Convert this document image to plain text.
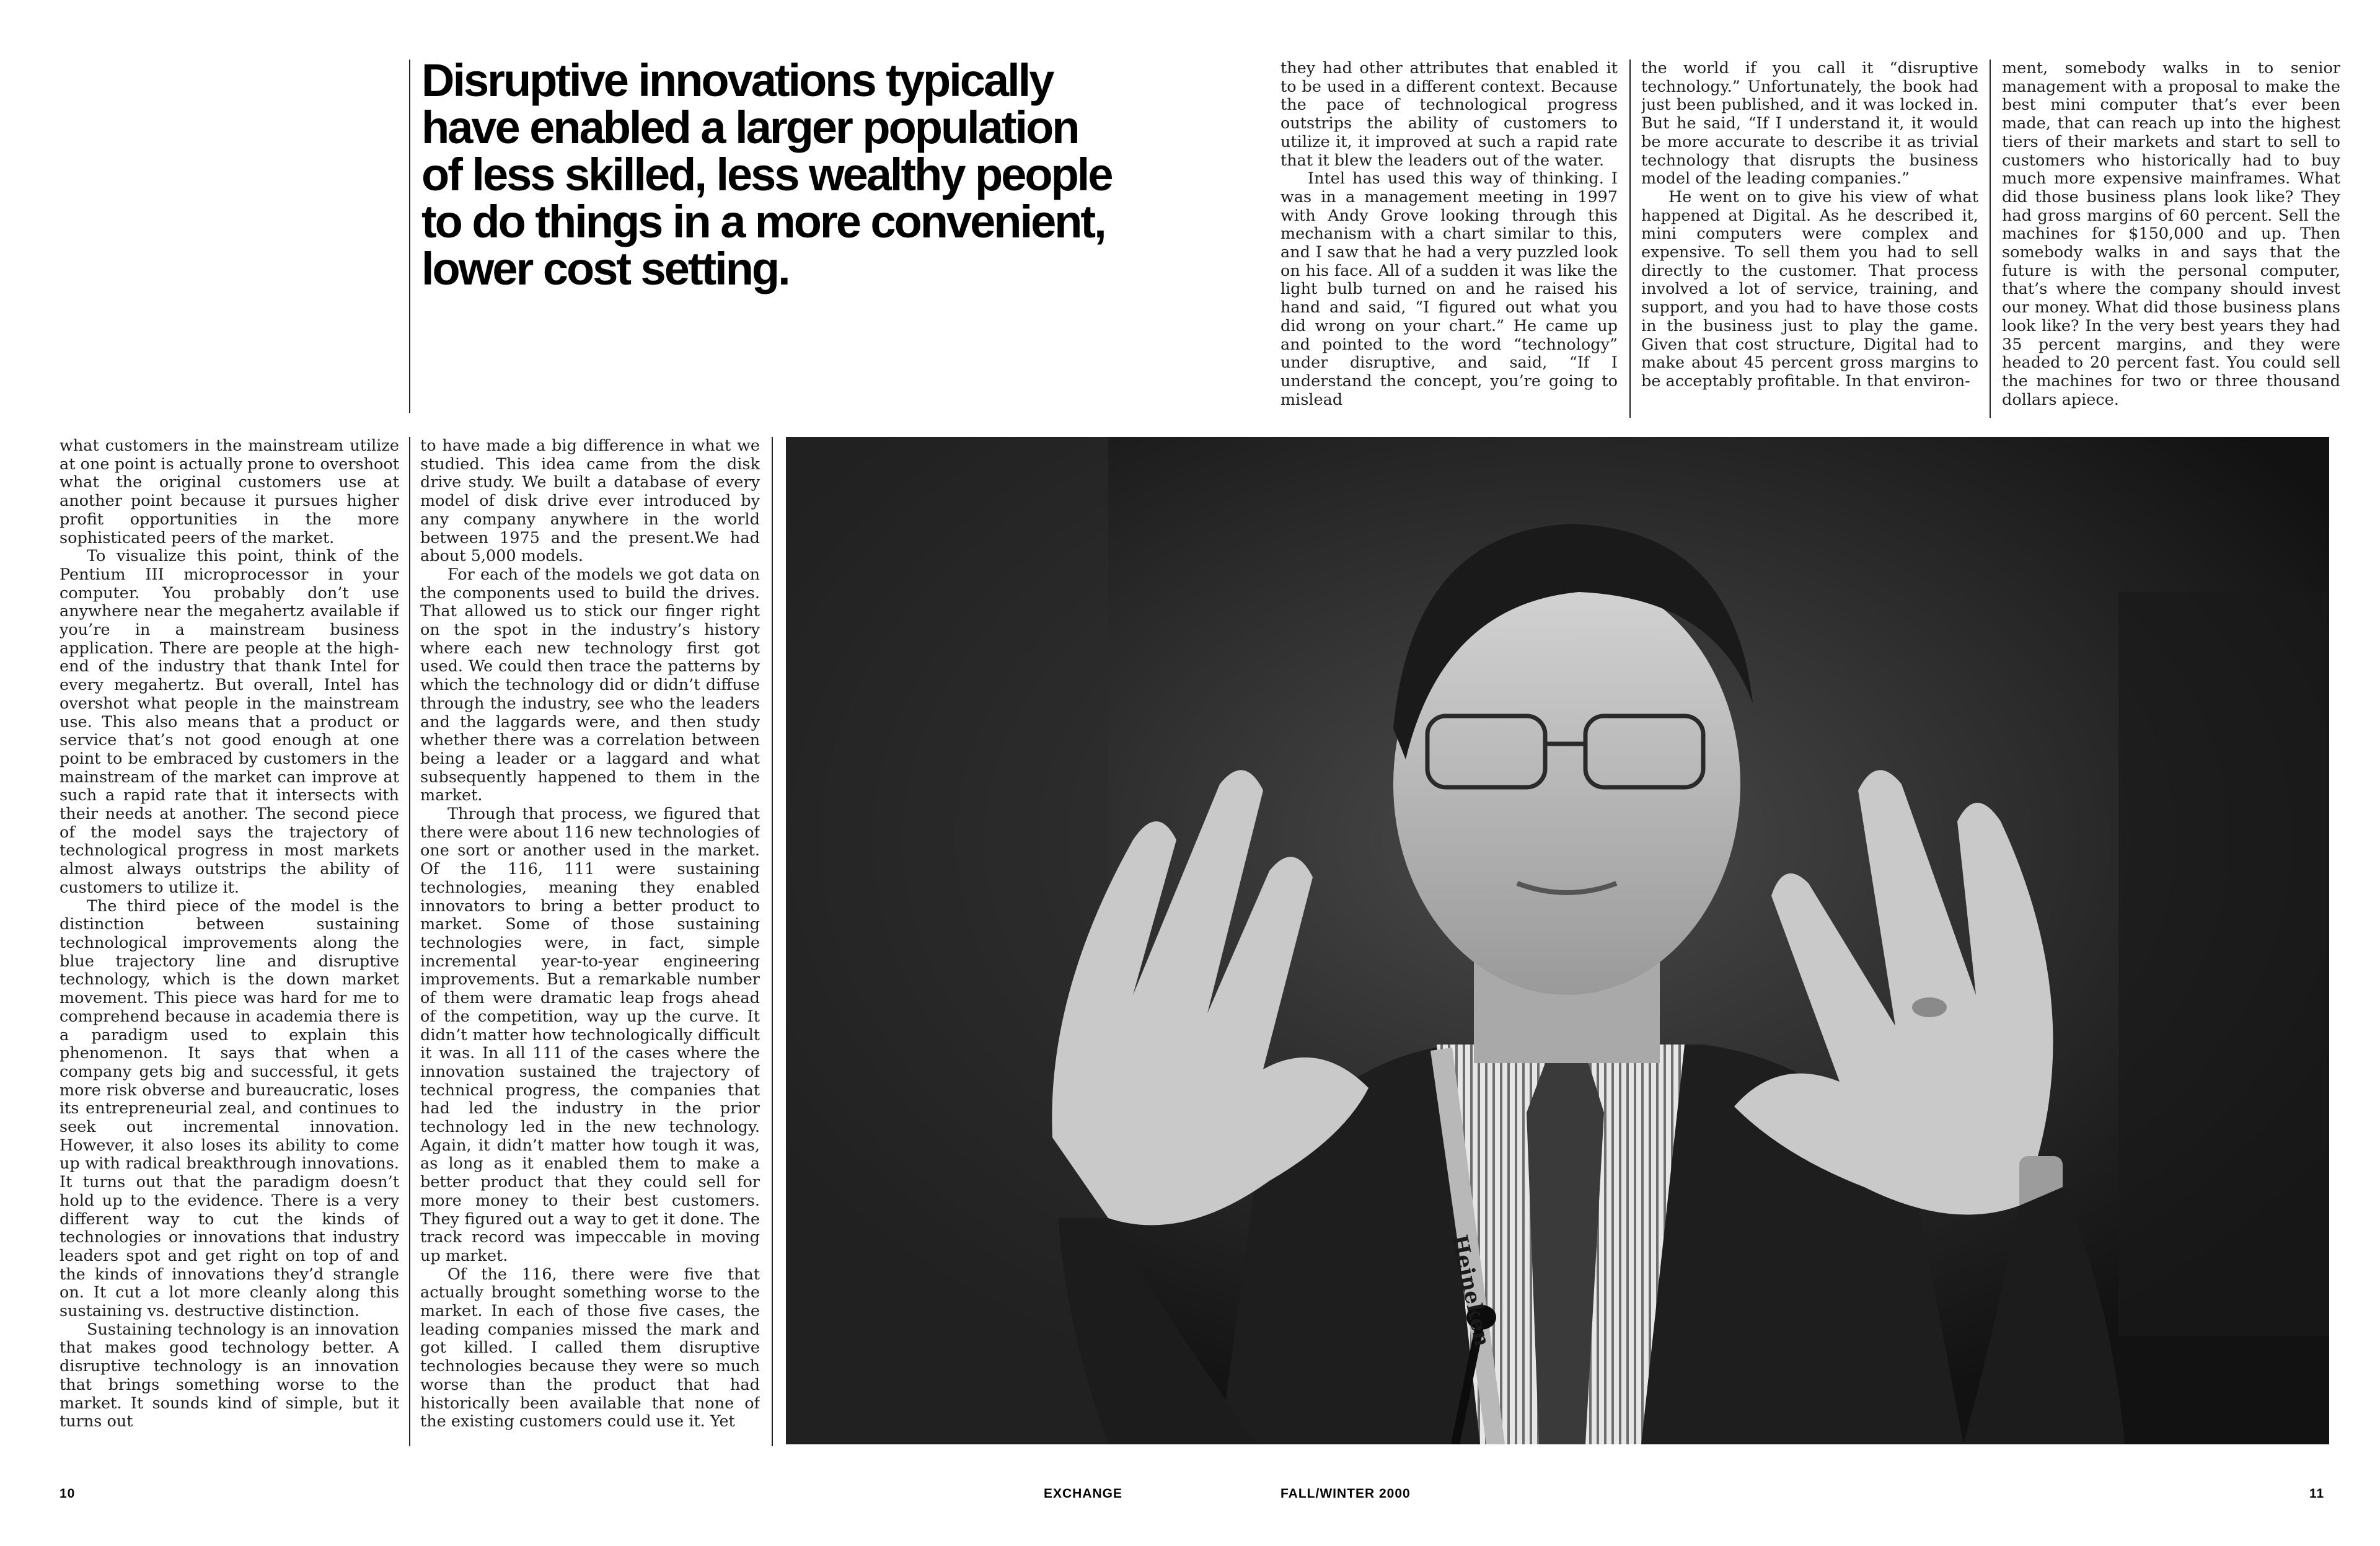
Disruptive innovations typically have enabled a larger population of less skilled, less wealthy people to do things in a more convenient, lower cost setting.

they had other attributes that enabled it to be used in a different context. Because the pace of technological progress outstrips the ability of customers to utilize it, it improved at such a rapid rate that it blew the leaders out of the water.

Intel has used this way of thinking. I was in a management meeting in 1997 with Andy Grove looking through this mechanism with a chart similar to this, and I saw that he had a very puzzled look on his face. All of a sudden it was like the light bulb turned on and he raised his hand and said, “I figured out what you did wrong on your chart.” He came up and pointed to the word “technology” under disruptive, and said, “If I understand the concept, you’re going to mislead

the world if you call it “disruptive technology.” Unfortunately, the book had just been published, and it was locked in. But he said, “If I understand it, it would be more accurate to describe it as trivial technology that disrupts the business model of the leading companies.”

He went on to give his view of what happened at Digital. As he described it, mini computers were complex and expensive. To sell them you had to sell directly to the customer. That process involved a lot of service, training, and support, and you had to have those costs in the business just to play the game. Given that cost structure, Digital had to make about 45 percent gross margins to be acceptably profitable. In that environ-

ment, somebody walks in to senior management with a proposal to make the best mini computer that’s ever been made, that can reach up into the highest tiers of their markets and start to sell to customers who historically had to buy much more expensive mainframes. What did those business plans look like? They had gross margins of 60 percent. Sell the machines for $150,000 and up. Then somebody walks in and says that the future is with the personal computer, that’s where the company should invest our money. What did those business plans look like? In the very best years they had 35 percent margins, and they were headed to 20 percent fast. You could sell the machines for two or three thousand dollars apiece.

what customers in the mainstream utilize at one point is actually prone to overshoot what the original customers use at another point because it pursues higher profit opportunities in the more sophisticated peers of the market.

To visualize this point, think of the Pentium III microprocessor in your computer. You probably don’t use anywhere near the megahertz available if you’re in a mainstream business application. There are people at the high-end of the industry that thank Intel for every megahertz. But overall, Intel has overshot what people in the mainstream use. This also means that a product or service that’s not good enough at one point to be embraced by customers in the mainstream of the market can improve at such a rapid rate that it intersects with their needs at another. The second piece of the model says the trajectory of technological progress in most markets almost always outstrips the ability of customers to utilize it.

The third piece of the model is the distinction between sustaining technological improvements along the blue trajectory line and disruptive technology, which is the down market movement. This piece was hard for me to comprehend because in academia there is a paradigm used to explain this phenomenon. It says that when a company gets big and successful, it gets more risk obverse and bureaucratic, loses its entrepreneurial zeal, and continues to seek out incremental innovation. However, it also loses its ability to come up with radical breakthrough innovations. It turns out that the paradigm doesn’t hold up to the evidence. There is a very different way to cut the kinds of technologies or innovations that industry leaders spot and get right on top of and the kinds of innovations they’d strangle on. It cut a lot more cleanly along this sustaining vs. destructive distinction.

Sustaining technology is an innovation that makes good technology better. A disruptive technology is an innovation that brings something worse to the market. It sounds kind of simple, but it turns out

to have made a big difference in what we studied. This idea came from the disk drive study. We built a database of every model of disk drive ever introduced by any company anywhere in the world between 1975 and the present.We had about 5,000 models.

For each of the models we got data on the components used to build the drives. That allowed us to stick our finger right on the spot in the industry’s history where each new technology first got used. We could then trace the patterns by which the technology did or didn’t diffuse through the industry, see who the leaders and the laggards were, and then study whether there was a correlation between being a leader or a laggard and what subsequently happened to them in the market.

Through that process, we figured that there were about 116 new technologies of one sort or another used in the market. Of the 116, 111 were sustaining technologies, meaning they enabled innovators to bring a better product to market. Some of those sustaining technologies were, in fact, simple incremental year-to-year engineering improvements. But a remarkable number of them were dramatic leap frogs ahead of the competition, way up the curve. It didn’t matter how technologically difficult it was. In all 111 of the cases where the innovation sustained the trajectory of technical progress, the companies that had led the industry in the prior technology led in the new technology. Again, it didn’t matter how tough it was, as long as it enabled them to make a better product that they could sell for more money to their best customers. They figured out a way to get it done. The track record was impeccable in moving up market.

Of the 116, there were five that actually brought something worse to the market. In each of those five cases, the leading companies missed the mark and got killed. I called them disruptive technologies because they were so much worse than the product that had historically been available that none of the existing customers could use it. Yet

Heineken
10	EXCHANGE	FALL/WINTER 2000	11
